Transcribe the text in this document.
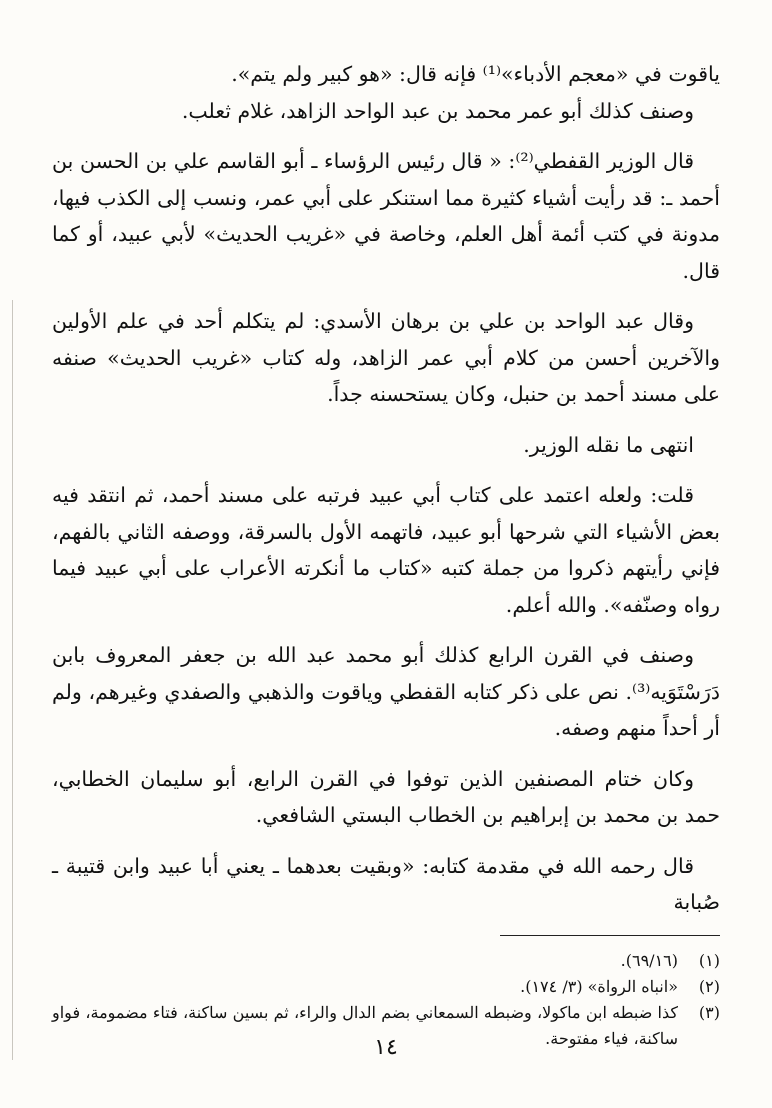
ياقوت في «معجم الأدباء»⁽¹⁾ فإنه قال: «هو كبير ولم يتم».

وصنف كذلك أبو عمر محمد بن عبد الواحد الزاهد، غلام ثعلب.

قال الوزير القفطي⁽²⁾: « قال رئيس الرؤساء ـ أبو القاسم علي بن الحسن بن أحمد ـ: قد رأيت أشياء كثيرة مما استنكر على أبي عمر، ونسب إلى الكذب فيها، مدونة في كتب أئمة أهل العلم، وخاصة في «غريب الحديث» لأبي عبيد، أو كما قال.

وقال عبد الواحد بن علي بن برهان الأسدي: لم يتكلم أحد في علم الأولين والآخرين أحسن من كلام أبي عمر الزاهد، وله كتاب «غريب الحديث» صنفه على مسند أحمد بن حنبل، وكان يستحسنه جداً.

انتهى ما نقله الوزير.

قلت: ولعله اعتمد على كتاب أبي عبيد فرتبه على مسند أحمد، ثم انتقد فيه بعض الأشياء التي شرحها أبو عبيد، فاتهمه الأول بالسرقة، ووصفه الثاني بالفهم، فإني رأيتهم ذكروا من جملة كتبه «كتاب ما أنكرته الأعراب على أبي عبيد فيما رواه وصنّفه». والله أعلم.

وصنف في القرن الرابع كذلك أبو محمد عبد الله بن جعفر المعروف بابن دَرَسْتَوَيه⁽³⁾. نص على ذكر كتابه القفطي وياقوت والذهبي والصفدي وغيرهم، ولم أر أحداً منهم وصفه.

وكان ختام المصنفين الذين توفوا في القرن الرابع، أبو سليمان الخطابي، حمد بن محمد بن إبراهيم بن الخطاب البستي الشافعي.

قال رحمه الله في مقدمة كتابه: «وبقيت بعدهما ـ يعني أبا عبيد وابن قتيبة ـ صُبابة

(١)
(٦٩/١٦).
(٢)
«انباه الرواة» (٣/ ١٧٤).
(٣)
كذا ضبطه ابن ماكولا، وضبطه السمعاني بضم الدال والراء، ثم بسين ساكنة، فتاء مضمومة، فواو ساكنة، فياء مفتوحة.
١٤
